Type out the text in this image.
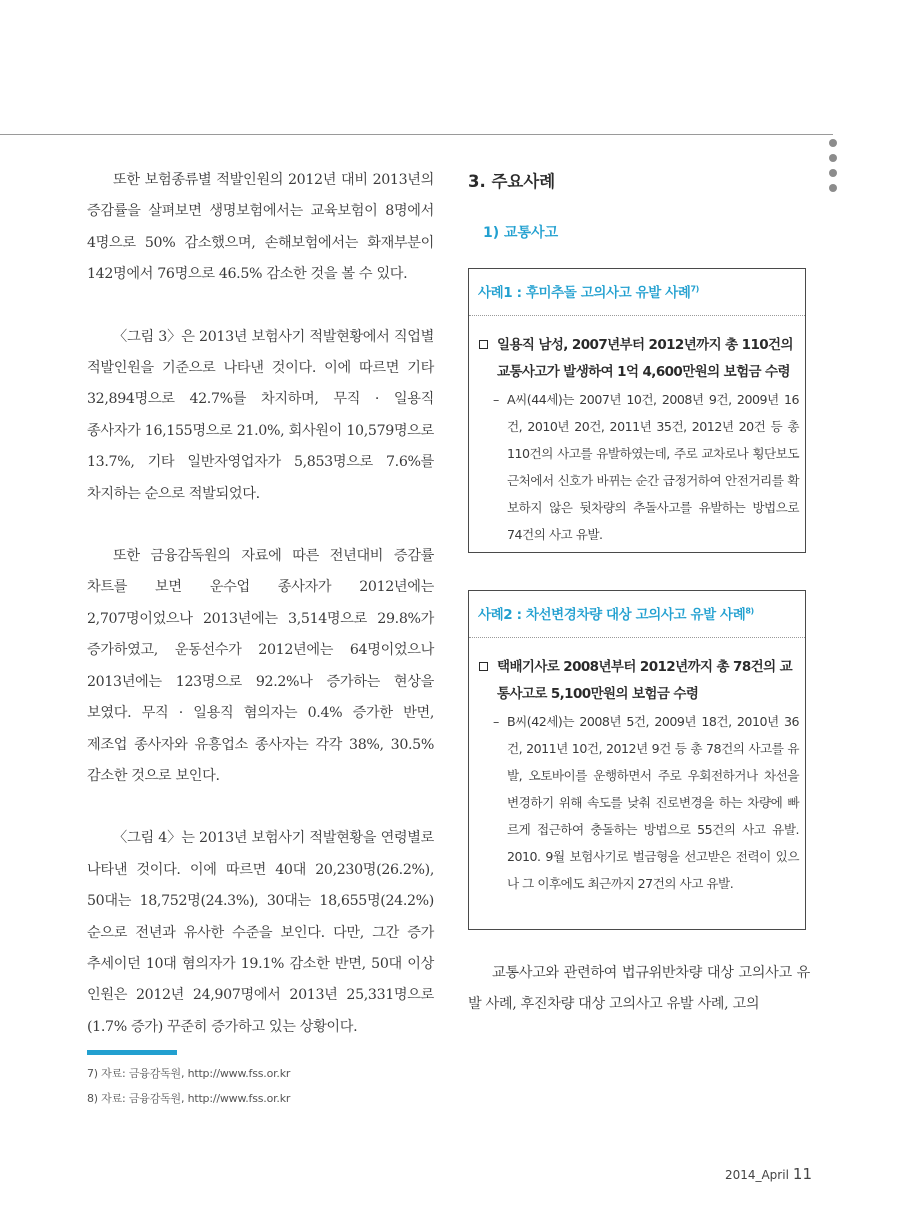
또한 보험종류별 적발인원의 2012년 대비 2013년의 증감률을 살펴보면 생명보험에서는 교육보험이 8명에서 4명으로 50% 감소했으며, 손해보험에서는 화재부분이 142명에서 76명으로 46.5% 감소한 것을 볼 수 있다.

〈그림 3〉은 2013년 보험사기 적발현황에서 직업별 적발인원을 기준으로 나타낸 것이다. 이에 따르면 기타 32,894명으로 42.7%를 차지하며, 무직 · 일용직 종사자가 16,155명으로 21.0%, 회사원이 10,579명으로 13.7%, 기타 일반자영업자가 5,853명으로 7.6%를 차지하는 순으로 적발되었다.

또한 금융감독원의 자료에 따른 전년대비 증감률 차트를 보면 운수업 종사자가 2012년에는 2,707명이었으나 2013년에는 3,514명으로 29.8%가 증가하였고, 운동선수가 2012년에는 64명이었으나 2013년에는 123명으로 92.2%나 증가하는 현상을 보였다. 무직 · 일용직 혐의자는 0.4% 증가한 반면, 제조업 종사자와 유흥업소 종사자는 각각 38%, 30.5% 감소한 것으로 보인다.

〈그림 4〉는 2013년 보험사기 적발현황을 연령별로 나타낸 것이다. 이에 따르면 40대 20,230명(26.2%), 50대는 18,752명(24.3%), 30대는 18,655명(24.2%) 순으로 전년과 유사한 수준을 보인다. 다만, 그간 증가 추세이던 10대 혐의자가 19.1% 감소한 반면, 50대 이상 인원은 2012년 24,907명에서 2013년 25,331명으로 (1.7% 증가) 꾸준히 증가하고 있는 상황이다.

3. 주요사례
1) 교통사고

사례1 : 후미추돌 고의사고 유발 사례$^{7)}$

일용직 남성, 2007년부터 2012년까지 총 110건의 교통사고가 발생하여 1억 4,600만원의 보험금 수령
– A씨(44세)는 2007년 10건, 2008년 9건, 2009년 16건, 2010년 20건, 2011년 35건, 2012년 20건 등 총 110건의 사고를 유발하였는데, 주로 교차로나 횡단보도 근처에서 신호가 바뀌는 순간 급정거하여 안전거리를 확보하지 않은 뒷차량의 추돌사고를 유발하는 방법으로 74건의 사고 유발.

사례2 : 차선변경차량 대상 고의사고 유발 사례$^{8)}$

택배기사로 2008년부터 2012년까지 총 78건의 교통사고로 5,100만원의 보험금 수령
– B씨(42세)는 2008년 5건, 2009년 18건, 2010년 36건, 2011년 10건, 2012년 9건 등 총 78건의 사고를 유발, 오토바이를 운행하면서 주로 우회전하거나 차선을 변경하기 위해 속도를 낮춰 진로변경을 하는 차량에 빠르게 접근하여 충돌하는 방법으로 55건의 사고 유발. 2010. 9월 보험사기로 벌금형을 선고받은 전력이 있으나 그 이후에도 최근까지 27건의 사고 유발.

교통사고와 관련하여 법규위반차량 대상 고의사고 유발 사례, 후진차량 대상 고의사고 유발 사례, 고의

7) 자료: 금융감독원, http://www.fss.or.kr
8) 자료: 금융감독원, http://www.fss.or.kr
2014_April 11
